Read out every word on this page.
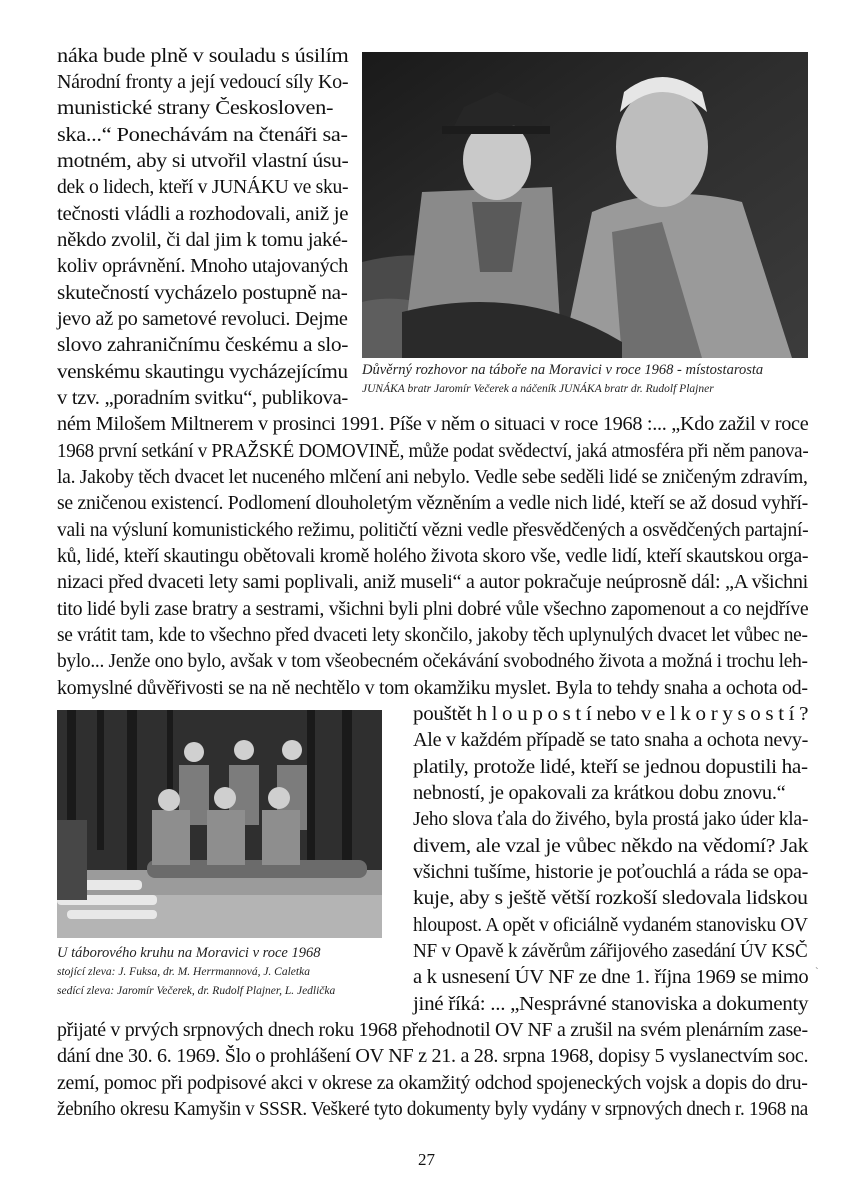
náka bude plně v souladu s úsilím
Národní fronty a její vedoucí síly Ko-
munistické strany Českosloven-
ska...“ Ponechávám na čtenáři sa-
motném, aby si utvořil vlastní úsu-
dek o lidech, kteří v JUNÁKU ve sku-
tečnosti vládli a rozhodovali, aniž je
někdo zvolil, či dal jim k tomu jaké-
koliv oprávnění. Mnoho utajovaných
skutečností vycházelo postupně na-
jevo až po sametové revoluci. Dejme
slovo zahraničnímu českému a slo-
venskému skautingu vycházejícímu
v tzv. „poradním svitku“, publikova-
ném Milošem Miltnerem v prosinci 1991. Píše v něm o situaci v roce 1968 :... „Kdo zažil v roce
1968 první setkání v PRAŽSKÉ DOMOVINĚ, může podat svědectví, jaká atmosféra při něm panova-
la. Jakoby těch dvacet let nuceného mlčení ani nebylo. Vedle sebe seděli lidé se zničeným zdravím,
se zničenou existencí. Podlomení dlouholetým vězněním a vedle nich lidé, kteří se až dosud vyhří-
vali na výsluní komunistického režimu, političtí vězni vedle přesvědčených a osvědčených partajní-
ků, lidé, kteří skautingu obětovali kromě holého života skoro vše, vedle lidí, kteří skautskou orga-
nizaci před dvaceti lety sami poplivali, aniž museli“ a autor pokračuje neúprosně dál: „A všichni
tito lidé byli zase bratry a sestrami, všichni byli plni dobré vůle všechno zapomenout a co nejdříve
se vrátit tam, kde to všechno před dvaceti lety skončilo, jakoby těch uplynulých dvacet let vůbec ne-
bylo... Jenže ono bylo, avšak v tom všeobecném očekávání svobodného života a možná i trochu leh-
komyslné důvěřivosti se na ně nechtělo v tom okamžiku myslet. Byla to tehdy snaha a ochota od-
pouštět h l o u p o s t í nebo v e l k o r y s o s t í ?
Ale v každém případě se tato snaha a ochota nevy-
platily, protože lidé, kteří se jednou dopustili ha-
nebností, je opakovali za krátkou dobu znovu.“
Jeho slova ťala do živého, byla prostá jako úder kla-
divem, ale vzal je vůbec někdo na vědomí? Jak
všichni tušíme, historie je poťouchlá a ráda se opa-
kuje, aby s ještě větší rozkoší sledovala lidskou
hloupost. A opět v oficiálně vydaném stanovisku OV
NF v Opavě k závěrům zářijového zasedání ÚV KSČ
a k usnesení ÚV NF ze dne 1. října 1969 se mimo
jiné říká: ... „Nesprávné stanoviska a dokumenty
přijaté v prvých srpnových dnech roku 1968 přehodnotil OV NF a zrušil na svém plenárním zase-
dání dne 30. 6. 1969. Šlo o prohlášení OV NF z 21. a 28. srpna 1968, dopisy 5 vyslanectvím soc.
zemí, pomoc při podpisové akci v okrese za okamžitý odchod spojeneckých vojsk a dopis do dru-
žebního okresu Kamyšin v SSSR. Veškeré tyto dokumenty byly vydány v srpnových dnech r. 1968 na
Důvěrný rozhovor na táboře na Moravici v roce 1968 - místostarosta
JUNÁKA bratr Jaromír Večerek a náčeník JUNÁKA bratr dr. Rudolf Plajner
U táborového kruhu na Moravici v roce 1968
stojící zleva: J. Fuksa, dr. M. Herrmannová, J. Caletka
sedící zleva: Jaromír Večerek, dr. Rudolf Plajner, L. Jedlička
`
27
